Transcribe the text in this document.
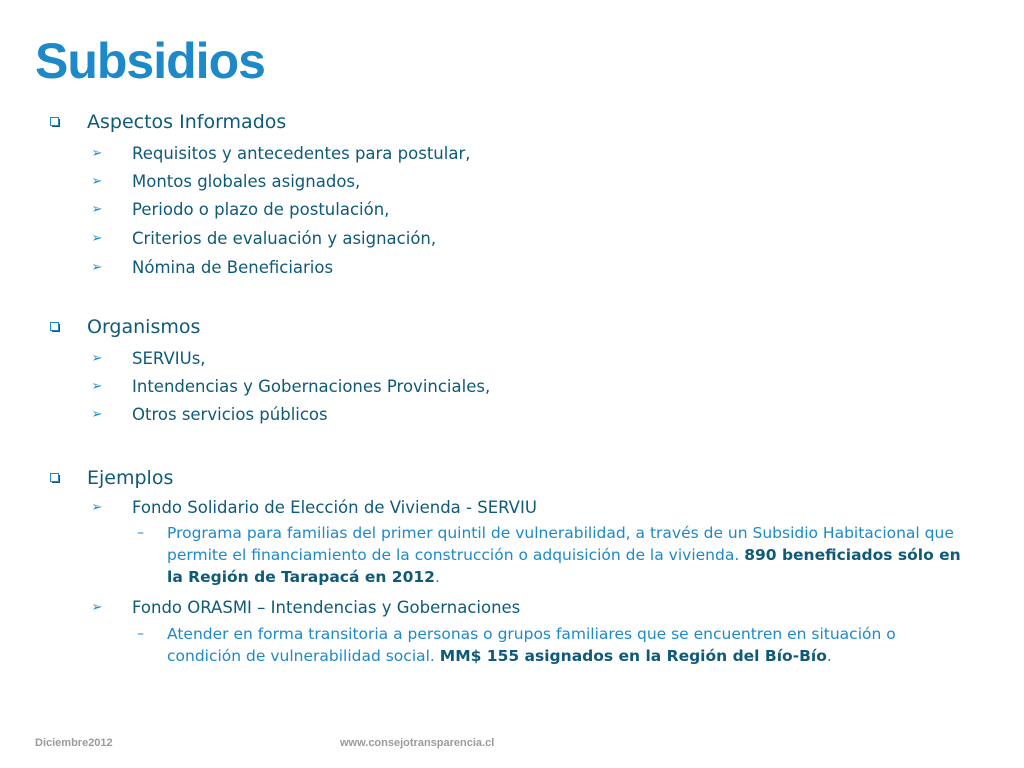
Subsidios
Aspectos Informados
➢ Requisitos y antecedentes para postular,
➢ Montos globales asignados,
➢ Periodo o plazo de postulación,
➢ Criterios de evaluación y asignación,
➢ Nómina de Beneficiarios
Organismos
➢ SERVIUs,
➢ Intendencias y Gobernaciones Provinciales,
➢ Otros servicios públicos
Ejemplos
➢ Fondo Solidario de Elección de Vivienda - SERVIU
–	Programa para familias del primer quintil de vulnerabilidad, a través de un Subsidio Habitacional que permite el financiamiento de la construcción o adquisición de la vivienda. 890 beneficiados sólo en la Región de Tarapacá en 2012.
➢ Fondo ORASMI – Intendencias y Gobernaciones
–	Atender en forma transitoria a personas o grupos familiares que se encuentren en situación o condición de vulnerabilidad social. MM$ 155 asignados en la Región del Bío-Bío.
Diciembre2012	www.consejotransparencia.cl
